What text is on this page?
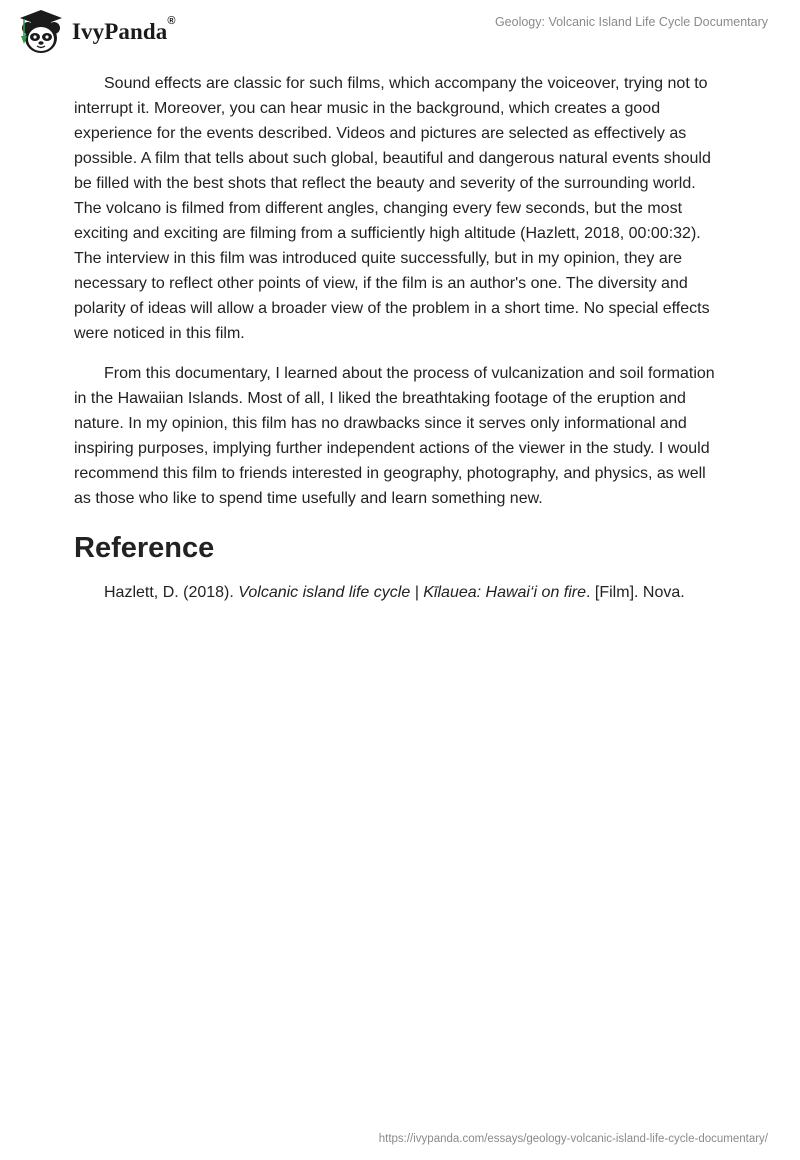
IvyPanda®	Geology: Volcanic Island Life Cycle Documentary

Sound effects are classic for such films, which accompany the voiceover, trying not to interrupt it. Moreover, you can hear music in the background, which creates a good experience for the events described. Videos and pictures are selected as effectively as possible. A film that tells about such global, beautiful and dangerous natural events should be filled with the best shots that reflect the beauty and severity of the surrounding world. The volcano is filmed from different angles, changing every few seconds, but the most exciting and exciting are filming from a sufficiently high altitude (Hazlett, 2018, 00:00:32). The interview in this film was introduced quite successfully, but in my opinion, they are necessary to reflect other points of view, if the film is an author's one. The diversity and polarity of ideas will allow a broader view of the problem in a short time. No special effects were noticed in this film.

From this documentary, I learned about the process of vulcanization and soil formation in the Hawaiian Islands. Most of all, I liked the breathtaking footage of the eruption and nature. In my opinion, this film has no drawbacks since it serves only informational and inspiring purposes, implying further independent actions of the viewer in the study. I would recommend this film to friends interested in geography, photography, and physics, as well as those who like to spend time usefully and learn something new.

Reference

Hazlett, D. (2018). Volcanic island life cycle | Kīlauea: Hawai‘i on fire. [Film]. Nova.

https://ivypanda.com/essays/geology-volcanic-island-life-cycle-documentary/
